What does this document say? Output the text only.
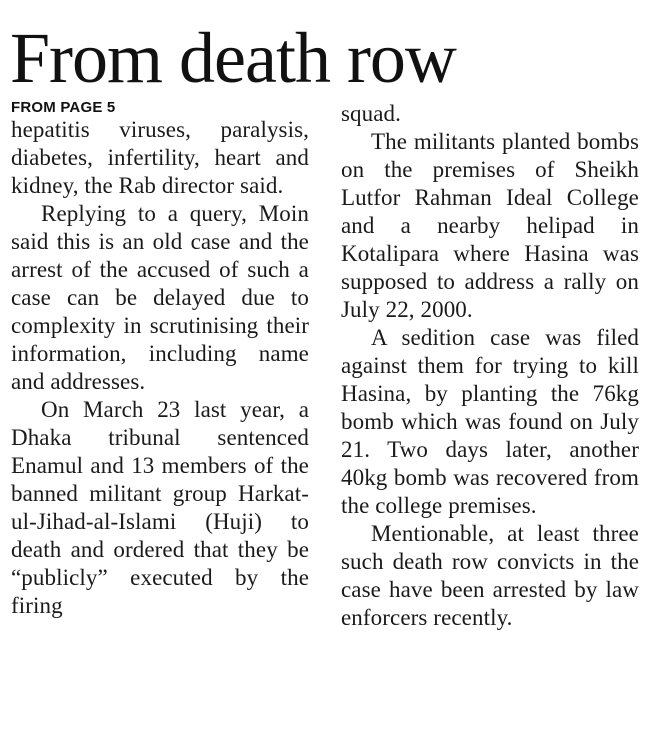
From death row
FROM PAGE 5

hepatitis viruses, paralysis, diabetes, infertility, heart and kidney, the Rab director said.

Replying to a query, Moin said this is an old case and the arrest of the accused of such a case can be delayed due to complexity in scrutinising their information, including name and addresses.

On March 23 last year, a Dhaka tribunal sentenced Enamul and 13 members of the banned militant group Harkat-ul-Jihad-al-Islami (Huji) to death and ordered that they be “publicly” executed by the firing

squad.

The militants planted bombs on the premises of Sheikh Lutfor Rahman Ideal College and a nearby helipad in Kotalipara where Hasina was supposed to address a rally on July 22, 2000.

A sedition case was filed against them for trying to kill Hasina, by planting the 76kg bomb which was found on July 21. Two days later, another 40kg bomb was recovered from the college premises.

Mentionable, at least three such death row convicts in the case have been arrested by law enforcers recently.
